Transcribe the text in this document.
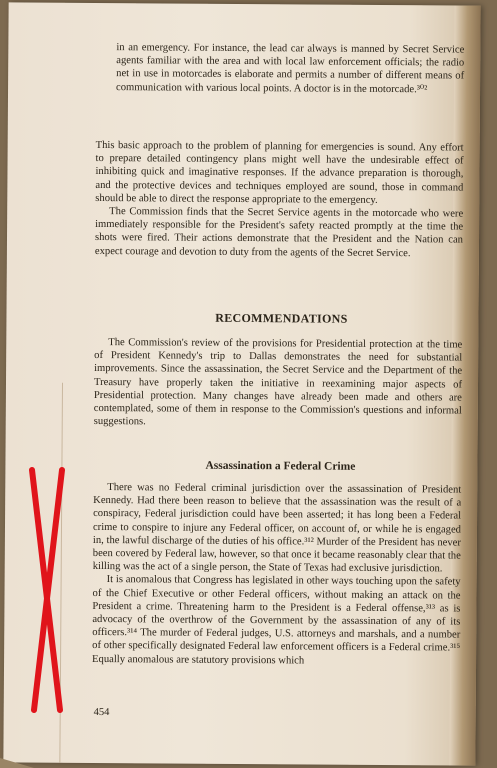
in an emergency. For instance, the lead car always is manned by Secret Service agents familiar with the area and with local law enforcement officials; the radio net in use in motorcades is elaborate and permits a number of different means of communication with various local points. A doctor is in the motorcade.³⁰²

This basic approach to the problem of planning for emergencies is sound. Any effort to prepare detailed contingency plans might well have the undesirable effect of inhibiting quick and imaginative responses. If the advance preparation is thorough, and the protective devices and techniques employed are sound, those in command should be able to direct the response appropriate to the emergency.

The Commission finds that the Secret Service agents in the motorcade who were immediately responsible for the President's safety reacted promptly at the time the shots were fired. Their actions demonstrate that the President and the Nation can expect courage and devotion to duty from the agents of the Secret Service.

RECOMMENDATIONS

The Commission's review of the provisions for Presidential protection at the time of President Kennedy's trip to Dallas demonstrates the need for substantial improvements. Since the assassination, the Secret Service and the Department of the Treasury have properly taken the initiative in reexamining major aspects of Presidential protection. Many changes have already been made and others are contemplated, some of them in response to the Commission's questions and informal suggestions.

Assassination a Federal Crime

There was no Federal criminal jurisdiction over the assassination of President Kennedy. Had there been reason to believe that the assassination was the result of a conspiracy, Federal jurisdiction could have been asserted; it has long been a Federal crime to conspire to injure any Federal officer, on account of, or while he is engaged in, the lawful discharge of the duties of his office.³¹² Murder of the President has never been covered by Federal law, however, so that once it became reasonably clear that the killing was the act of a single person, the State of Texas had exclusive jurisdiction.

It is anomalous that Congress has legislated in other ways touching upon the safety of the Chief Executive or other Federal officers, without making an attack on the President a crime. Threatening harm to the President is a Federal offense,³¹³ as is advocacy of the overthrow of the Government by the assassination of any of its officers.³¹⁴ The murder of Federal judges, U.S. attorneys and marshals, and a number of other specifically designated Federal law enforcement officers is a Federal crime.³¹⁵ Equally anomalous are statutory provisions which

454
